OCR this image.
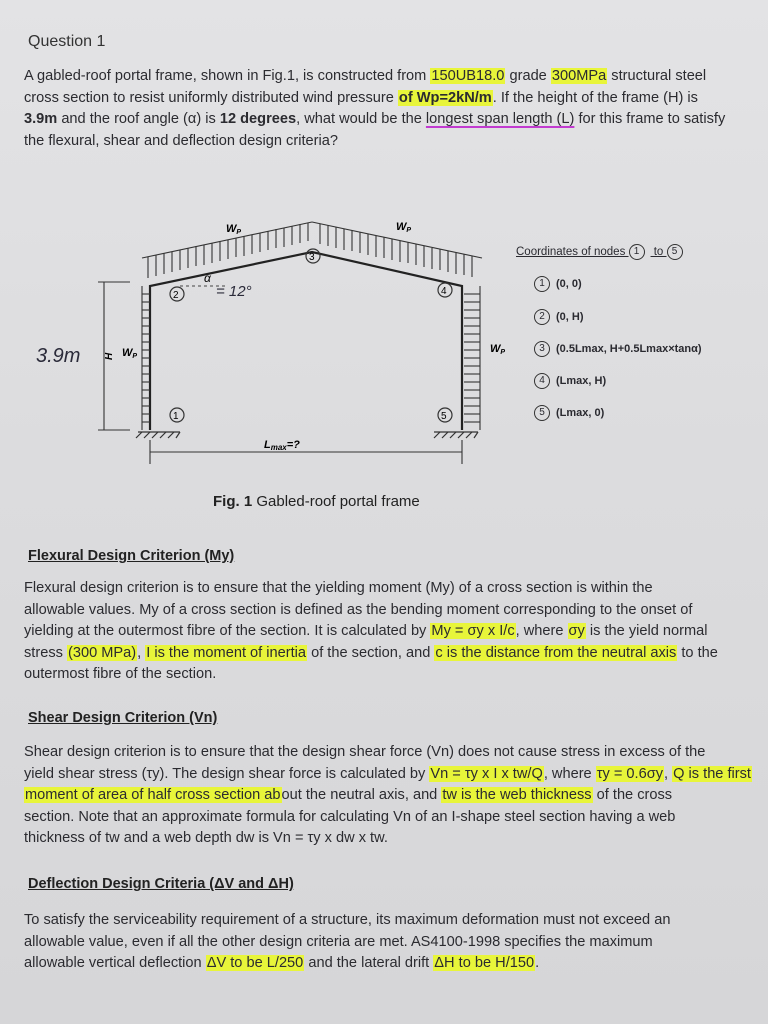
Question 1

A gabled-roof portal frame, shown in Fig.1, is constructed from 150UB18.0 grade 300MPa structural steel
cross section to resist uniformly distributed wind pressure of Wp=2kN/m. If the height of the frame (H) is
3.9m and the roof angle (α) is 12 degrees, what would be the longest span length (L) for this frame to satisfy
the flexural, shear and deflection design criteria?

H
3.9m
Lmax=?
WP	WP
WP
WP
α
= 12°
2
3
4
1	5
Coordinates of nodes 1 to 5
1 (0, 0)
2 (0, H)
3 (0.5Lmax, H+0.5Lmax×tanα)
4 (Lmax, H)
5 (Lmax, 0)

Fig. 1 Gabled-roof portal frame

Flexural Design Criterion (My)

Flexural design criterion is to ensure that the yielding moment (My) of a cross section is within the
allowable values. My of a cross section is defined as the bending moment corresponding to the onset of
yielding at the outermost fibre of the section. It is calculated by My = σy x I/c, where σy is the yield normal
stress (300 MPa), I is the moment of inertia of the section, and c is the distance from the neutral axis to the
outermost fibre of the section.

Shear Design Criterion (Vn)

Shear design criterion is to ensure that the design shear force (Vn) does not cause stress in excess of the
yield shear stress (τy). The design shear force is calculated by Vn = τy x I x tw/Q, where τy = 0.6σy, Q is the first
moment of area of half cross section about the neutral axis, and tw is the web thickness of the cross
section. Note that an approximate formula for calculating Vn of an I-shape steel section having a web
thickness of tw and a web depth dw is Vn = τy x dw x tw.

Deflection Design Criteria (ΔV and ΔH)

To satisfy the serviceability requirement of a structure, its maximum deformation must not exceed an
allowable value, even if all the other design criteria are met. AS4100-1998 specifies the maximum
allowable vertical deflection ΔV to be L/250 and the lateral drift ΔH to be H/150.
